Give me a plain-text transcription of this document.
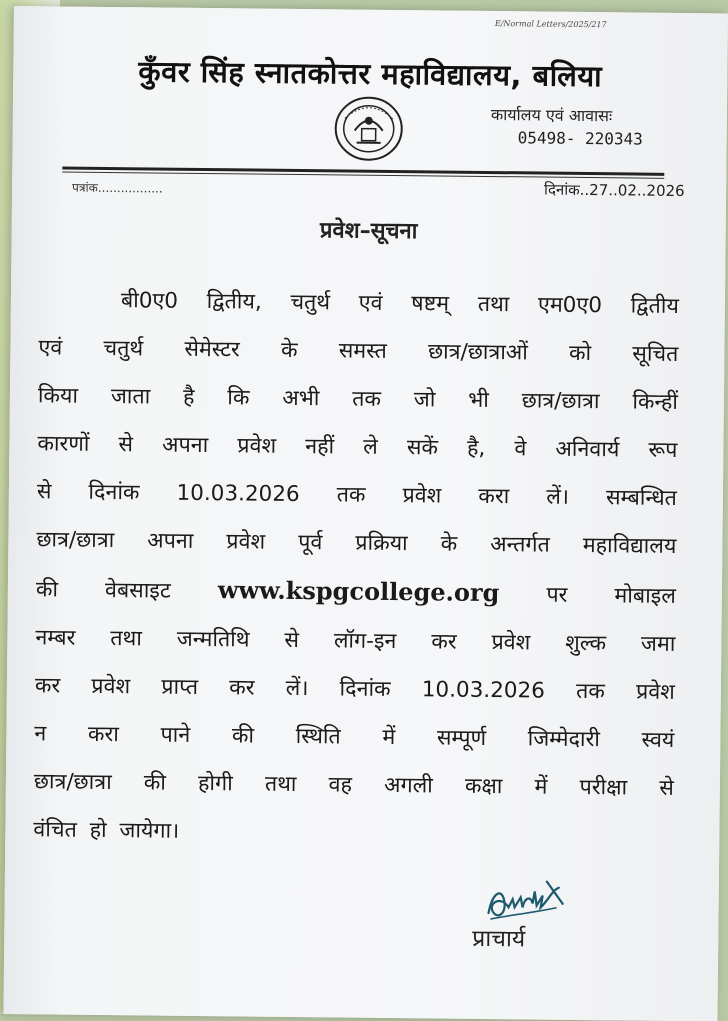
E/Normal Letters/2025/217
कुँवर सिंह स्नातकोत्तर महाविद्यालय, बलिया
कार्यालय एवं आवासः
05498- 220343
पत्रांक.................	दिनांक..27..02..2026
प्रवेश–सूचना
बी0ए0 द्वितीय, चतुर्थ एवं षष्टम् तथा एम0ए0 द्वितीय
एवं चतुर्थ सेमेस्टर के समस्त छात्र/छात्राओं को सूचित
किया जाता है कि अभी तक जो भी छात्र/छात्रा किन्हीं
कारणों से अपना प्रवेश नहीं ले सकें है, वे अनिवार्य रूप
से दिनांक 10.03.2026 तक प्रवेश करा लें। सम्बन्धित
छात्र/छात्रा अपना प्रवेश पूर्व प्रक्रिया के अन्तर्गत महाविद्यालय
की वेबसाइट www.kspgcollege.org पर मोबाइल
नम्बर तथा जन्मतिथि से लॉग-इन कर प्रवेश शुल्क जमा
कर प्रवेश प्राप्त कर लें। दिनांक 10.03.2026 तक प्रवेश
न करा पाने की स्थिति में सम्पूर्ण जिम्मेदारी स्वयं
छात्र/छात्रा की होगी तथा वह अगली कक्षा में परीक्षा से
वंचित हो जायेगा।
प्राचार्य
